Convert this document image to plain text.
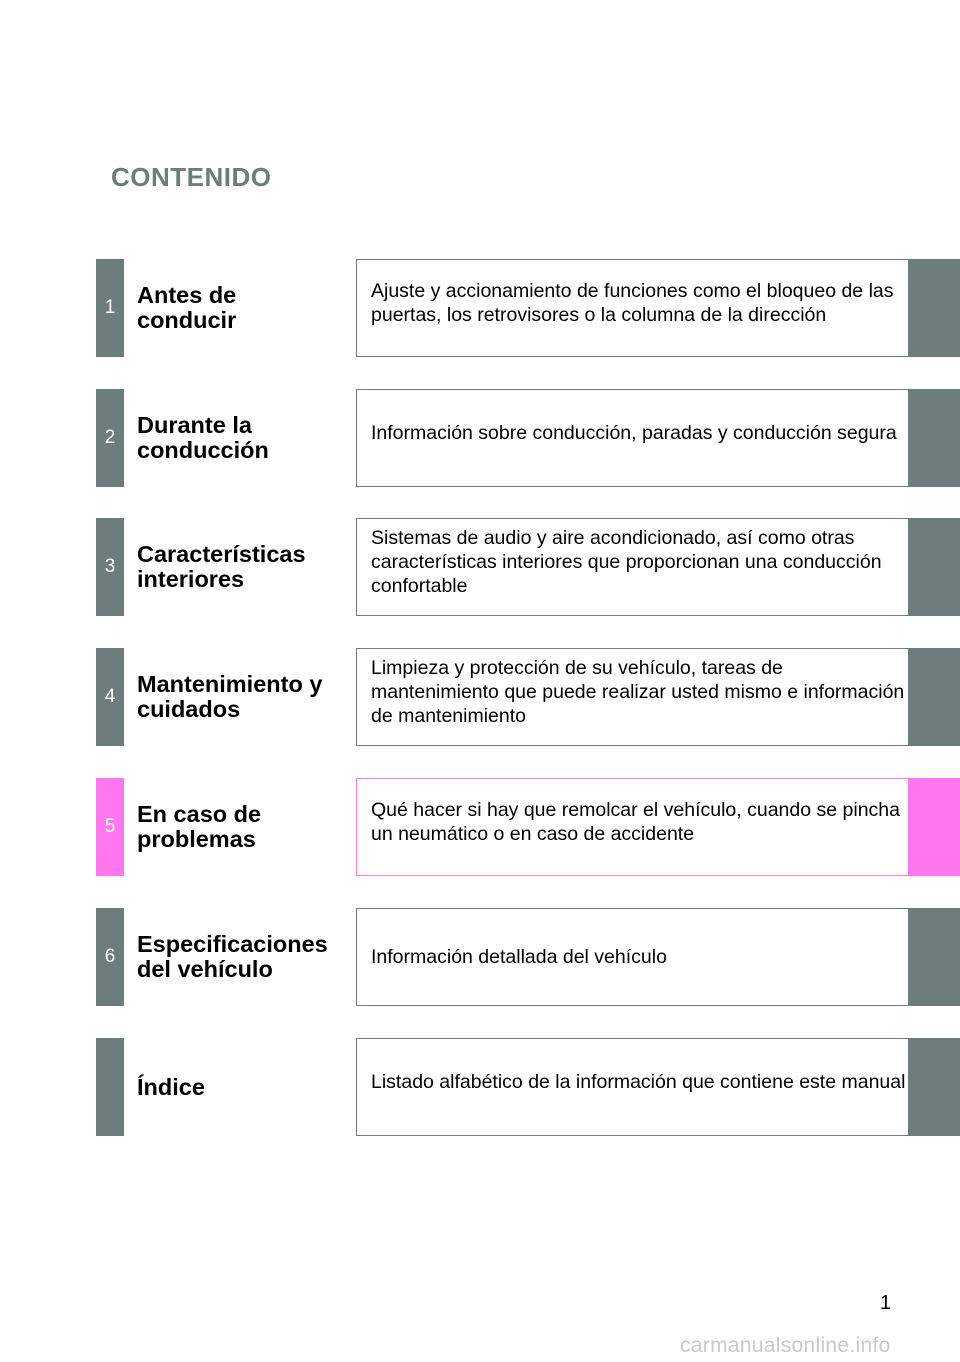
CONTENIDO
1 Antes de
conducir
Ajuste y accionamiento de funciones como el bloqueo de las puertas, los retrovisores o la columna de la dirección
2 Durante la
conducción
Información sobre conducción, paradas y conducción segura
3 Características
interiores
Sistemas de audio y aire acondicionado, así como otras características interiores que proporcionan una conducción confortable
4 Mantenimiento y
cuidados
Limpieza y protección de su vehículo, tareas de mantenimiento que puede realizar usted mismo e información de mantenimiento
5 En caso de
problemas
Qué hacer si hay que remolcar el vehículo, cuando se pincha un neumático o en caso de accidente
6 Especificaciones
del vehículo	Información detallada del vehículo
Índice	Listado alfabético de la información que contiene este manual
1
carmanualsonline.info
